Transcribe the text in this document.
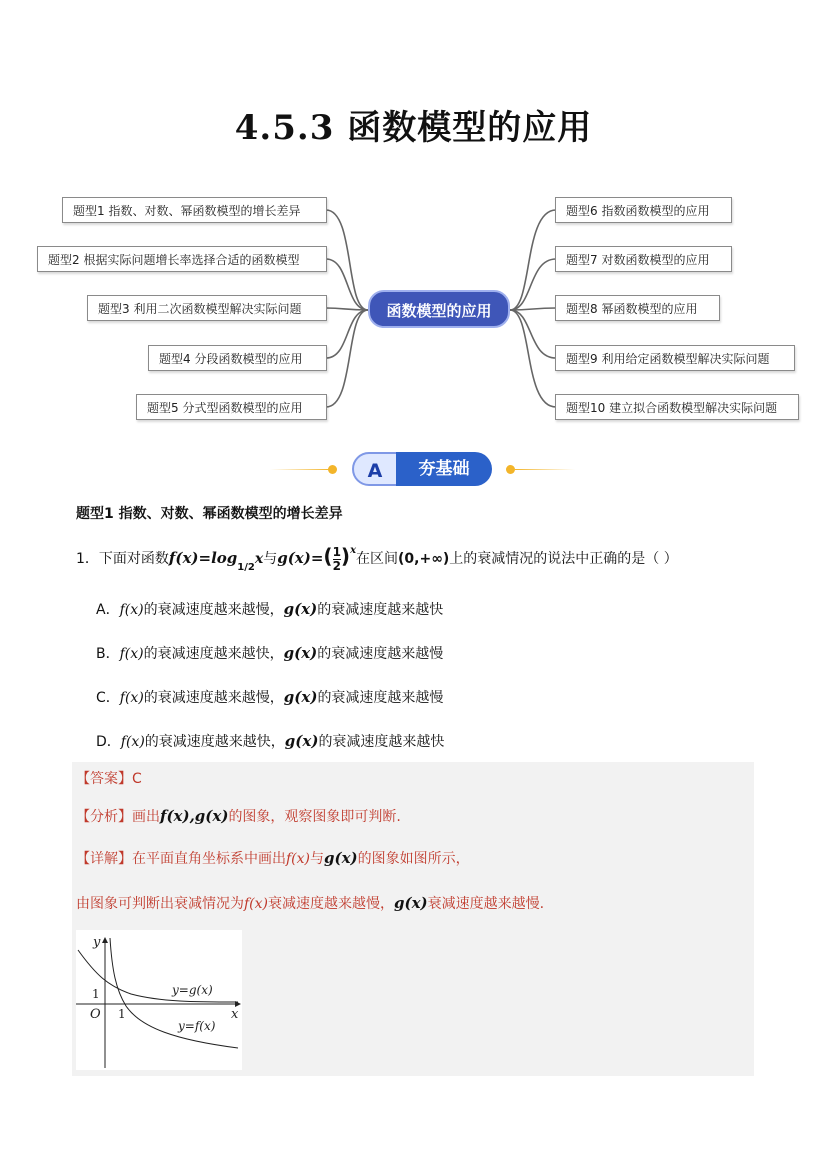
4.5.3 函数模型的应用
题型1 指数、对数、幂函数模型的增长差异
题型2 根据实际问题增长率选择合适的函数模型
题型3 利用二次函数模型解决实际问题
题型4 分段函数模型的应用
题型5 分式型函数模型的应用
函数模型的应用
题型6 指数函数模型的应用
题型7 对数函数模型的应用
题型8 幂函数模型的应用
题型9 利用给定函数模型解决实际问题
题型10 建立拟合函数模型解决实际问题
A	夯基础
题型1 指数、对数、幂函数模型的增长差异
1．下面对函数$f(x)=\log_{1/2}x$与$g(x)=( \frac{1}{2} )^x$在区间(0,+∞)上的衰减情况的说法中正确的是（ ）
A．f(x)的衰减速度越来越慢，g(x)的衰减速度越来越快
B．f(x)的衰减速度越来越快，g(x)的衰减速度越来越慢
C．f(x)的衰减速度越来越慢，g(x)的衰减速度越来越慢
D．f(x)的衰减速度越来越快，g(x)的衰减速度越来越快
【答案】C
【分析】画出f(x),g(x)的图象，观察图象即可判断.
【详解】在平面直角坐标系中画出f(x)与g(x)的图象如图所示，
由图象可判断出衰减情况为f(x)衰减速度越来越慢，g(x)衰减速度越来越慢.
y
x
O
1
1
y=g(x)
y=f(x)
